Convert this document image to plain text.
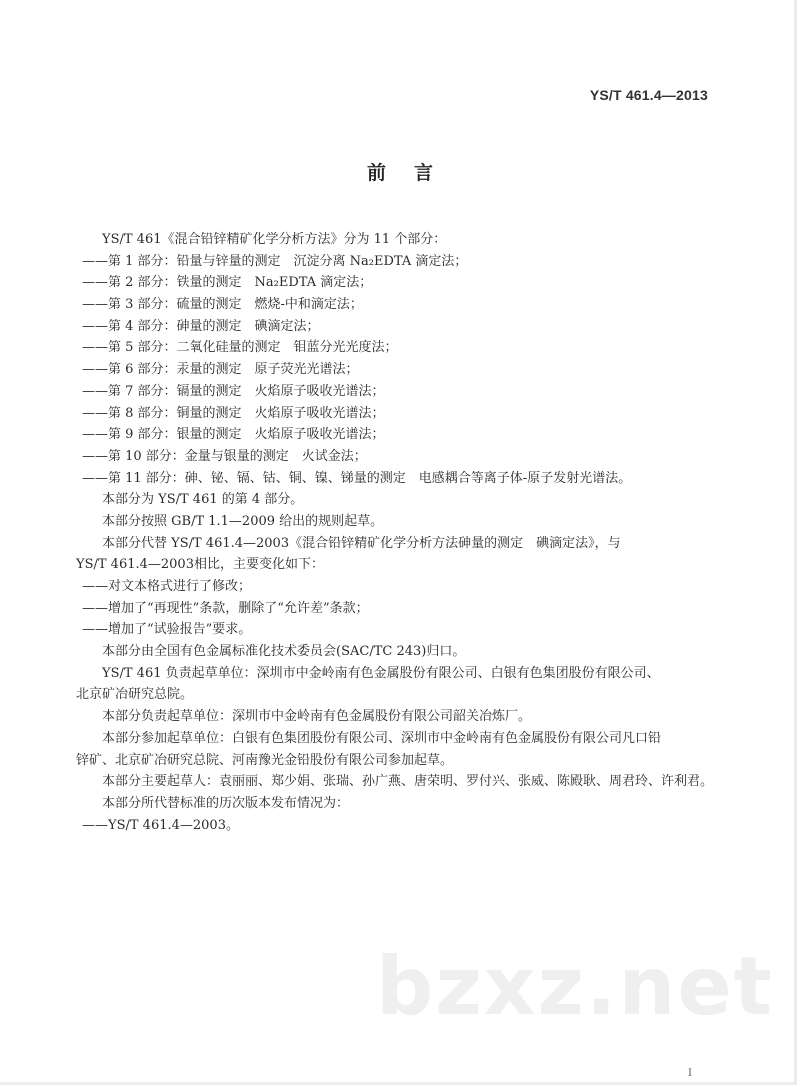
YS/T 461.4—2013
前言
YS/T 461《混合铅锌精矿化学分析方法》分为 11 个部分：
——第 1 部分：铅量与锌量的测定　沉淀分离 Na₂EDTA 滴定法；
——第 2 部分：铁量的测定　Na₂EDTA 滴定法；
——第 3 部分：硫量的测定　燃烧-中和滴定法；
——第 4 部分：砷量的测定　碘滴定法；
——第 5 部分：二氧化硅量的测定　钼蓝分光光度法；
——第 6 部分：汞量的测定　原子荧光光谱法；
——第 7 部分：镉量的测定　火焰原子吸收光谱法；
——第 8 部分：铜量的测定　火焰原子吸收光谱法；
——第 9 部分：银量的测定　火焰原子吸收光谱法；
——第 10 部分：金量与银量的测定　火试金法；
——第 11 部分：砷、铋、镉、钴、铜、镍、锑量的测定　电感耦合等离子体-原子发射光谱法。
本部分为 YS/T 461 的第 4 部分。
本部分按照 GB/T 1.1—2009 给出的规则起草。
本部分代替 YS/T 461.4—2003《混合铅锌精矿化学分析方法砷量的测定　碘滴定法》，与
YS/T 461.4—2003相比，主要变化如下：
——对文本格式进行了修改；
——增加了“再现性”条款，删除了“允许差”条款；
——增加了“试验报告”要求。
本部分由全国有色金属标准化技术委员会(SAC/TC 243)归口。
YS/T 461 负责起草单位：深圳市中金岭南有色金属股份有限公司、白银有色集团股份有限公司、
北京矿冶研究总院。
本部分负责起草单位：深圳市中金岭南有色金属股份有限公司韶关冶炼厂。
本部分参加起草单位：白银有色集团股份有限公司、深圳市中金岭南有色金属股份有限公司凡口铅
锌矿、北京矿冶研究总院、河南豫光金铅股份有限公司参加起草。
本部分主要起草人：袁丽丽、郑少娟、张瑞、孙广燕、唐荣明、罗付兴、张威、陈殿耿、周君玲、许利君。
本部分所代替标准的历次版本发布情况为：
——YS/T 461.4—2003。
bzxz.net
I
